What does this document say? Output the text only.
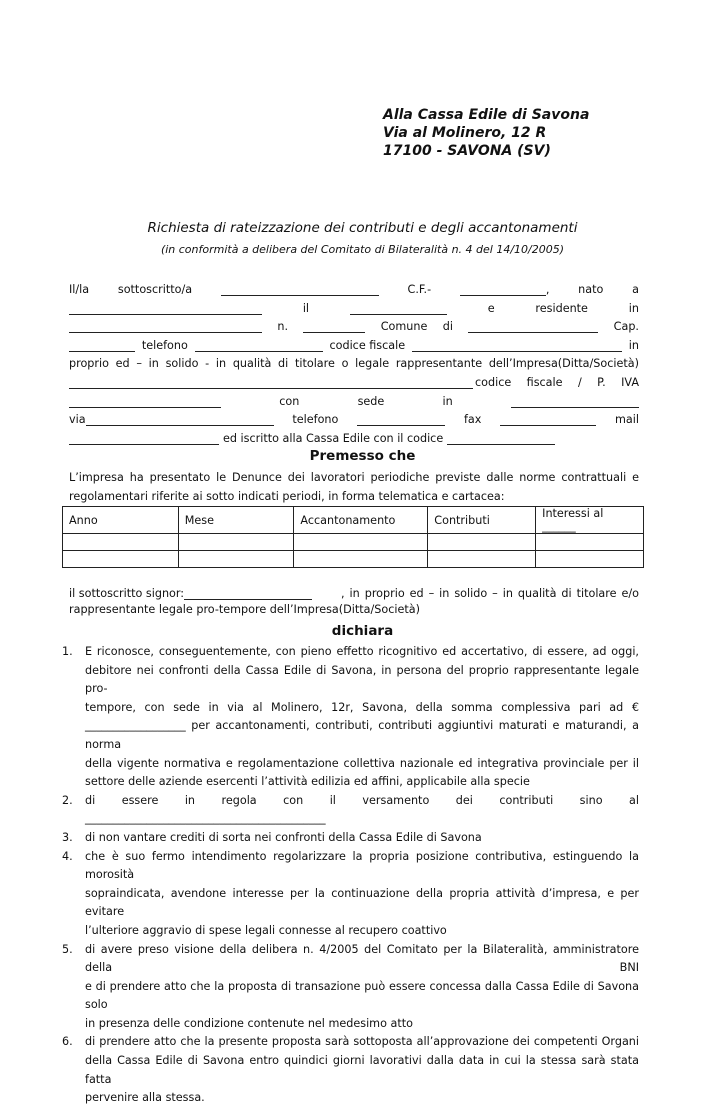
Alla Cassa Edile di Savona
Via al Molinero, 12 R
17100 - SAVONA (SV)
Richiesta di rateizzazione dei contributi e degli accantonamenti
(in conformità a delibera del Comitato di Bilateralità n. 4 del 14/10/2005)
Il/la	sottoscritto/a	C.F.-	,	nato	a
il	e	residente	in
n.	Comune di	Cap.
telefono	codice fiscale	in
proprio ed – in solido - in qualità di titolare o legale rappresentante dell’Impresa(Ditta/Società)
codice fiscale / P. IVA
con	sede	in
via	telefono	fax	mail
ed iscritto alla Cassa Edile con il codice
Premesso che
L’impresa ha presentato le Denunce dei lavoratori periodiche previste dalle norme contrattuali e
regolamentari riferite ai sotto indicati periodi, in forma telematica e cartacea:
Anno	Mese	Accantonamento	Contributi	Interessi al ______

il sottoscritto signor:	, in proprio ed – in solido – in qualità di titolare e/o
rappresentante legale pro-tempore dell’Impresa(Ditta/Società)
dichiara
1. E riconosce, conseguentemente, con pieno effetto ricognitivo ed accertativo, di essere, ad oggi,
debitore nei confronti della Cassa Edile di Savona, in persona del proprio rappresentante legale pro-
tempore, con sede in via al Molinero, 12r, Savona, della somma complessiva pari ad €
__________________ per accantonamenti, contributi, contributi aggiuntivi maturati e maturandi, a norma
della vigente normativa e regolamentazione collettiva nazionale ed integrativa provinciale per il
settore delle aziende esercenti l’attività edilizia ed affini, applicabile alla specie
2. di essere in regola con il versamento dei contributi sino al ___________________________________________
3. di non vantare crediti di sorta nei confronti della Cassa Edile di Savona
4. che è suo fermo intendimento regolarizzare la propria posizione contributiva, estinguendo la morosità
sopraindicata, avendone interesse per la continuazione della propria attività d’impresa, e per evitare
l’ulteriore aggravio di spese legali connesse al recupero coattivo
5. di avere preso visione della delibera n. 4/2005 del Comitato per la Bilateralità, amministratore della BNI
e di prendere atto che la proposta di transazione può essere concessa dalla Cassa Edile di Savona solo
in presenza delle condizione contenute nel medesimo atto
6. di prendere atto che la presente proposta sarà sottoposta all’approvazione dei competenti Organi
della Cassa Edile di Savona entro quindici giorni lavorativi dalla data in cui la stessa sarà stata fatta
pervenire alla stessa.
